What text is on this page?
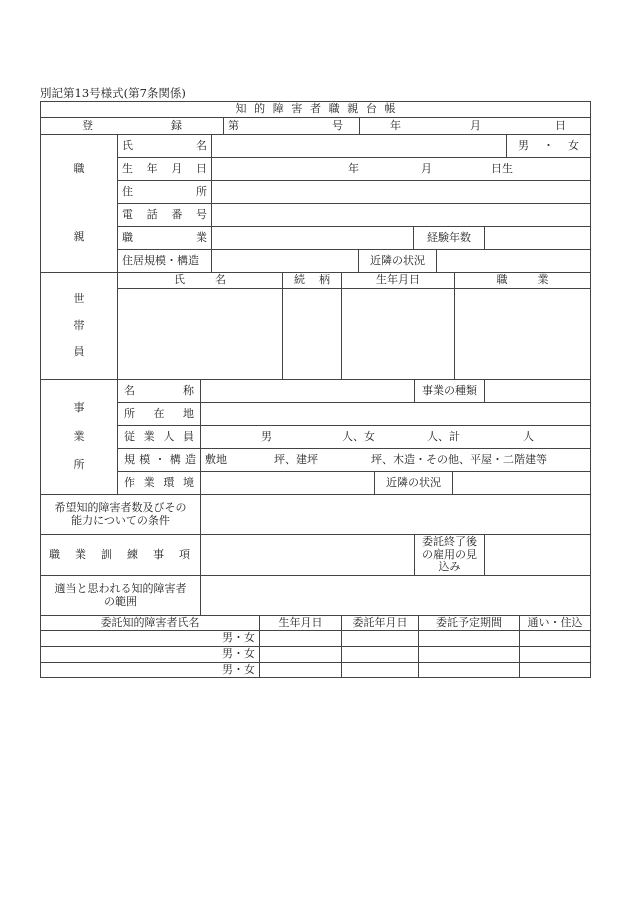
別記第13号様式(第7条関係)
知 的 障 害 者 職 親 台 帳
登	録	第	号	年	月	日
職
親
氏	名	男 ・ 女
生 年 月 日	年	月	日生
住	所
電 話 番 号
職	業	経験年数
住居規模・構造	近隣の状況
世
帯
員
氏	名	続 柄	生年月日	職	業
事
業
所
名	称	事業の種類
所 在 地
従 業 人 員	男	人、女	人、計	人
規 模 ・ 構 造 敷地	坪、建坪	坪、木造・その他、平屋・二階建等
作 業 環 境	近隣の状況
希望知的障害者数及びその
能力についての条件
職 業 訓 練 事 項
委託終了後
の雇用の見
込み
適当と思われる知的障害者
の範囲
委託知的障害者氏名	生年月日	委託年月日	委託予定期間	通い・住込
男・女
男・女
男・女
